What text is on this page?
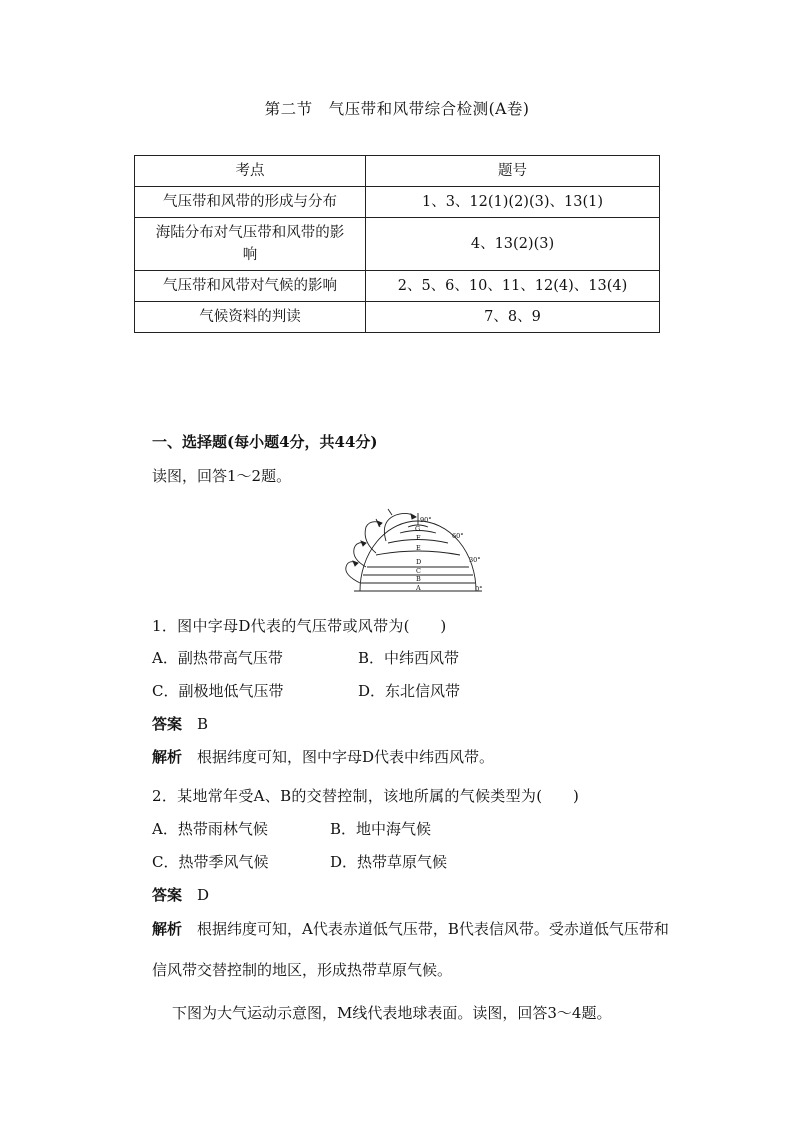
第二节　气压带和风带综合检测(A卷)
考点	题号
气压带和风带的形成与分布	1、3、12(1)(2)(3)、13(1)

海陆分布对气压带和风带的影
响	4、13(2)(3)
气压带和风带对气候的影响	2、5、6、10、11、12(4)、13(4)
气候资料的判读	7、8、9
一、选择题(每小题4分，共44分)
读图，回答1～2题。
90°
60°
30°
0°
G
F
E
D
C
B
A
1．图中字母D代表的气压带或风带为(　　)
A．副热带高气压带	B．中纬西风带
C．副极地低气压带	D．东北信风带
答案　 B
解析　 根据纬度可知，图中字母D代表中纬西风带。
2．某地常年受A、B的交替控制，该地所属的气候类型为(　　)
A．热带雨林气候	B．地中海气候
C．热带季风气候	D．热带草原气候
答案　 D
解析　 根据纬度可知，A代表赤道低气压带，B代表信风带。受赤道低气压带和信风带交替控制的地区，形成热带草原气候。
下图为大气运动示意图，M线代表地球表面。读图，回答3～4题。
